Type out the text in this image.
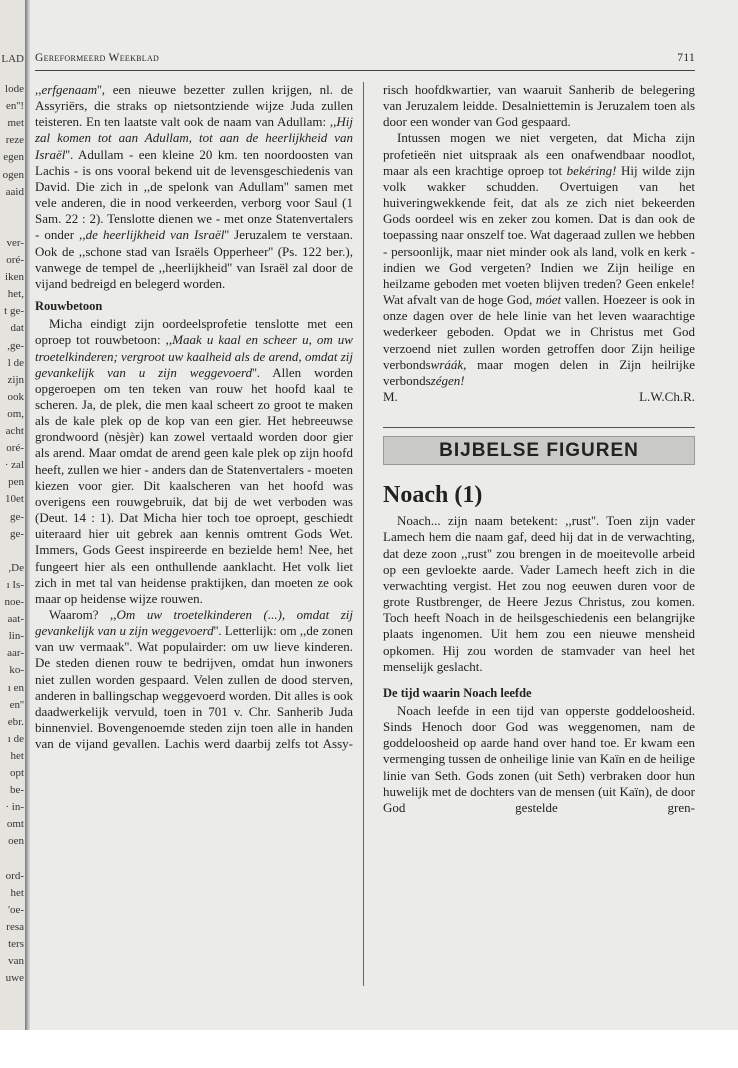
LAD
lode
en''!
met
reze
egen
ogen
aaid
ver-
oré-
iken
het,
t ge-
dat
,ge-
l de
zijn
ook
om,
acht
oré-
· zal
pen
10et
ge-
ge-
,De
ı Is-
noe-
aat-
lin-
aar-
ko-
ı en
en''
ebr.
ı de
het
opt
be-
· in-
omt
oen
ord-
het
'oe-
resa
ters
van
uwe
Gereformeerd Weekblad	711

,,erfgenaam'', een nieuwe bezetter zullen krijgen, nl. de Assyriërs, die straks op nietsontziende wijze Juda zullen teisteren. En ten laatste valt ook de naam van Adullam: ,,Hij zal komen tot aan Adullam, tot aan de heerlijkheid van Israël''. Adullam - een kleine 20 km. ten noordoosten van Lachis - is ons vooral bekend uit de levensgeschiedenis van David. Die zich in ,,de spelonk van Adullam'' samen met vele anderen, die in nood verkeerden, verborg voor Saul (1 Sam. 22 : 2). Tenslotte dienen we - met onze Statenvertalers - onder ,,de heerlijkheid van Israël'' Jeruzalem te verstaan. Ook de ,,schone stad van Israëls Opperheer'' (Ps. 122 ber.), vanwege de tempel de ,,heerlijkheid'' van Israël zal door de vijand bedreigd en belegerd worden.

Rouwbetoon

Micha eindigt zijn oordeelsprofetie tenslotte met een oproep tot rouwbetoon: ,,Maak u kaal en scheer u, om uw troetelkinderen; vergroot uw kaalheid als de arend, omdat zij gevankelijk van u zijn weggevoerd''. Allen worden opgeroepen om ten teken van rouw het hoofd kaal te scheren. Ja, de plek, die men kaal scheert zo groot te maken als de kale plek op de kop van een gier. Het hebreeuwse grondwoord (nèsjèr) kan zowel vertaald worden door gier als arend. Maar omdat de arend geen kale plek op zijn hoofd heeft, zullen we hier - anders dan de Statenvertalers - moeten kiezen voor gier. Dit kaalscheren van het hoofd was overigens een rouwgebruik, dat bij de wet verboden was (Deut. 14 : 1). Dat Micha hier toch toe oproept, geschiedt uiteraard hier uit gebrek aan kennis omtrent Gods Wet. Immers, Gods Geest inspireerde en bezielde hem! Nee, het fungeert hier als een onthullende aanklacht. Het volk liet zich in met tal van heidense praktijken, dan moeten ze ook maar op heidense wijze rouwen.

Waarom? ,,Om uw troetelkinderen (...), omdat zij gevankelijk van u zijn weggevoerd''. Letterlijk: om ,,de zonen van uw vermaak''. Wat populairder: om uw lieve kinderen. De steden dienen rouw te bedrijven, omdat hun inwoners niet zullen worden gespaard. Velen zullen de dood sterven, anderen in ballingschap weggevoerd worden. Dit alles is ook daadwerkelijk vervuld, toen in 701 v. Chr. Sanherib Juda binnenviel. Bovengenoemde steden zijn toen alle in handen van de vijand gevallen. Lachis werd daarbij zelfs tot Assy-

risch hoofdkwartier, van waaruit Sanherib de belegering van Jeruzalem leidde. Desalniettemin is Jeruzalem toen als door een wonder van God gespaard.

Intussen mogen we niet vergeten, dat Micha zijn profetieën niet uitspraak als een onafwendbaar noodlot, maar als een krachtige oproep tot bekéring! Hij wilde zijn volk wakker schudden. Overtuigen van het huiveringwekkende feit, dat als ze zich niet bekeerden Gods oordeel wis en zeker zou komen. Dat is dan ook de toepassing naar onszelf toe. Wat dageraad zullen we hebben - persoonlijk, maar niet minder ook als land, volk en kerk - indien we God vergeten? Indien we Zijn heilige en heilzame geboden met voeten blijven treden? Geen enkele! Wat afvalt van de hoge God, móet vallen. Hoezeer is ook in onze dagen over de hele linie van het leven waarachtige wederkeer geboden. Opdat we in Christus met God verzoend niet zullen worden getroffen door Zijn heilige verbondswráák, maar mogen delen in Zijn heilrijke verbondszégen!

M.	L.W.Ch.R.
BIJBELSE FIGUREN
Noach (1)

Noach... zijn naam betekent: ,,rust''. Toen zijn vader Lamech hem die naam gaf, deed hij dat in de verwachting, dat deze zoon ,,rust'' zou brengen in de moeitevolle arbeid op een gevloekte aarde. Vader Lamech heeft zich in die verwachting vergist. Het zou nog eeuwen duren voor de grote Rustbrenger, de Heere Jezus Christus, zou komen. Toch heeft Noach in de heilsgeschiedenis een belangrijke plaats ingenomen. Uit hem zou een nieuwe mensheid opkomen. Hij zou worden de stamvader van heel het menselijk geslacht.

De tijd waarin Noach leefde

Noach leefde in een tijd van opperste goddeloosheid. Sinds Henoch door God was weggenomen, nam de goddeloosheid op aarde hand over hand toe. Er kwam een vermenging tussen de onheilige linie van Kaïn en de heilige linie van Seth. Gods zonen (uit Seth) verbraken door hun huwelijk met de dochters van de mensen (uit Kaïn), de door God gestelde gren-
